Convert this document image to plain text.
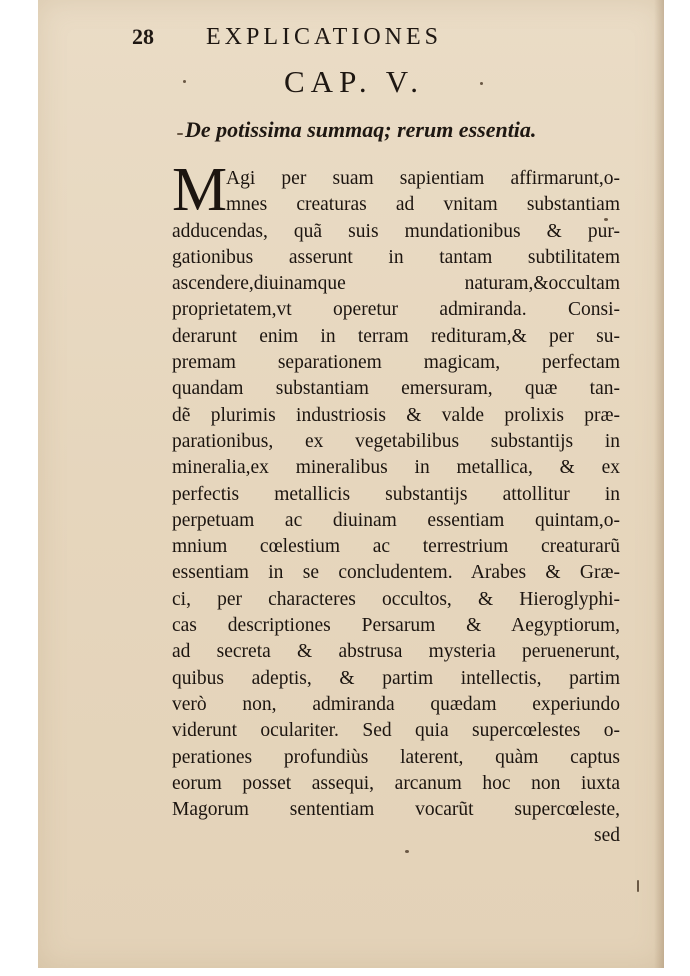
28 EXPLICATIONES
CAP. V.
De potissima summaq; rerum essentia.
M
Agi per suam sapientiam affirmarunt,o-
mnes creaturas ad vnitam substantiam
adducendas, quã suis mundationibus & pur-
gationibus asserunt in tantam subtilitatem
ascendere,diuinamque naturam,&occultam
proprietatem,vt operetur admiranda. Consi-
derarunt enim in terram redituram,& per su-
premam separationem magicam, perfectam
quandam substantiam emersuram, quæ tan-
dẽ plurimis industriosis & valde prolixis præ-
parationibus, ex vegetabilibus substantijs in
mineralia,ex mineralibus in metallica, & ex
perfectis metallicis substantijs attollitur in
perpetuam ac diuinam essentiam quintam,o-
mnium cœlestium ac terrestrium creaturarũ
essentiam in se concludentem. Arabes & Græ-
ci, per characteres occultos, & Hieroglyphi-
cas descriptiones Persarum & Aegyptiorum,
ad secreta & abstrusa mysteria peruenerunt,
quibus adeptis, & partim intellectis, partim
verò non, admiranda quædam experiundo
viderunt oculariter. Sed quia supercœlestes o-
perationes profundiùs laterent, quàm captus
eorum posset assequi, arcanum hoc non iuxta
Magorum sententiam vocarũt supercœleste,
sed
